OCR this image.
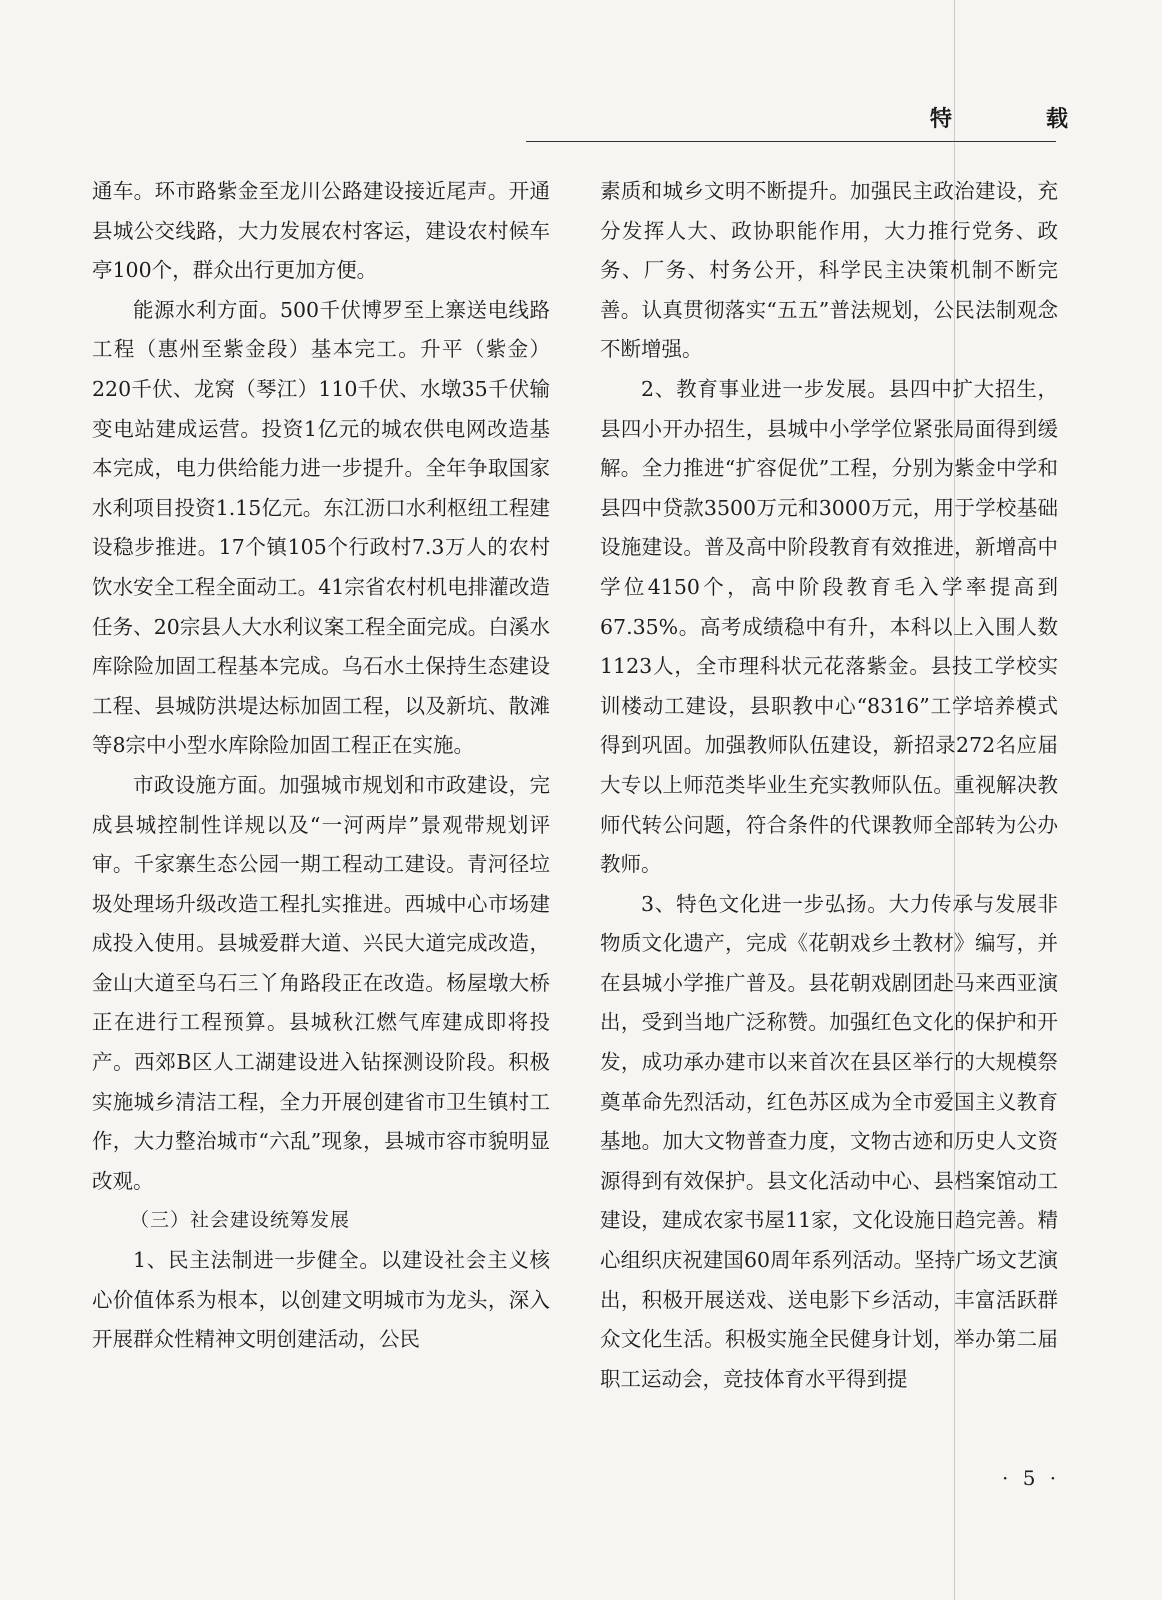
特　载

通车。环市路紫金至龙川公路建设接近尾声。开通县城公交线路，大力发展农村客运，建设农村候车亭100个，群众出行更加方便。

能源水利方面。500千伏博罗至上寨送电线路工程（惠州至紫金段）基本完工。升平（紫金）220千伏、龙窝（琴江）110千伏、水墩35千伏输变电站建成运营。投资1亿元的城农供电网改造基本完成，电力供给能力进一步提升。全年争取国家水利项目投资1.15亿元。东江沥口水利枢纽工程建设稳步推进。17个镇105个行政村7.3万人的农村饮水安全工程全面动工。41宗省农村机电排灌改造任务、20宗县人大水利议案工程全面完成。白溪水库除险加固工程基本完成。乌石水土保持生态建设工程、县城防洪堤达标加固工程，以及新坑、散滩等8宗中小型水库除险加固工程正在实施。

市政设施方面。加强城市规划和市政建设，完成县城控制性详规以及“一河两岸”景观带规划评审。千家寨生态公园一期工程动工建设。青河径垃圾处理场升级改造工程扎实推进。西城中心市场建成投入使用。县城爱群大道、兴民大道完成改造，金山大道至乌石三丫角路段正在改造。杨屋墩大桥正在进行工程预算。县城秋江燃气库建成即将投产。西郊B区人工湖建设进入钻探测设阶段。积极实施城乡清洁工程，全力开展创建省市卫生镇村工作，大力整治城市“六乱”现象，县城市容市貌明显改观。

（三）社会建设统筹发展

1、民主法制进一步健全。以建设社会主义核心价值体系为根本，以创建文明城市为龙头，深入开展群众性精神文明创建活动，公民

素质和城乡文明不断提升。加强民主政治建设，充分发挥人大、政协职能作用，大力推行党务、政务、厂务、村务公开，科学民主决策机制不断完善。认真贯彻落实“五五”普法规划，公民法制观念不断增强。

2、教育事业进一步发展。县四中扩大招生，县四小开办招生，县城中小学学位紧张局面得到缓解。全力推进“扩容促优”工程，分别为紫金中学和县四中贷款3500万元和3000万元，用于学校基础设施建设。普及高中阶段教育有效推进，新增高中学位4150个，高中阶段教育毛入学率提高到67.35%。高考成绩稳中有升，本科以上入围人数1123人，全市理科状元花落紫金。县技工学校实训楼动工建设，县职教中心“8316”工学培养模式得到巩固。加强教师队伍建设，新招录272名应届大专以上师范类毕业生充实教师队伍。重视解决教师代转公问题，符合条件的代课教师全部转为公办教师。

3、特色文化进一步弘扬。大力传承与发展非物质文化遗产，完成《花朝戏乡土教材》编写，并在县城小学推广普及。县花朝戏剧团赴马来西亚演出，受到当地广泛称赞。加强红色文化的保护和开发，成功承办建市以来首次在县区举行的大规模祭奠革命先烈活动，红色苏区成为全市爱国主义教育基地。加大文物普查力度，文物古迹和历史人文资源得到有效保护。县文化活动中心、县档案馆动工建设，建成农家书屋11家，文化设施日趋完善。精心组织庆祝建国60周年系列活动。坚持广场文艺演出，积极开展送戏、送电影下乡活动，丰富活跃群众文化生活。积极实施全民健身计划，举办第二届职工运动会，竞技体育水平得到提

· 5 ·
